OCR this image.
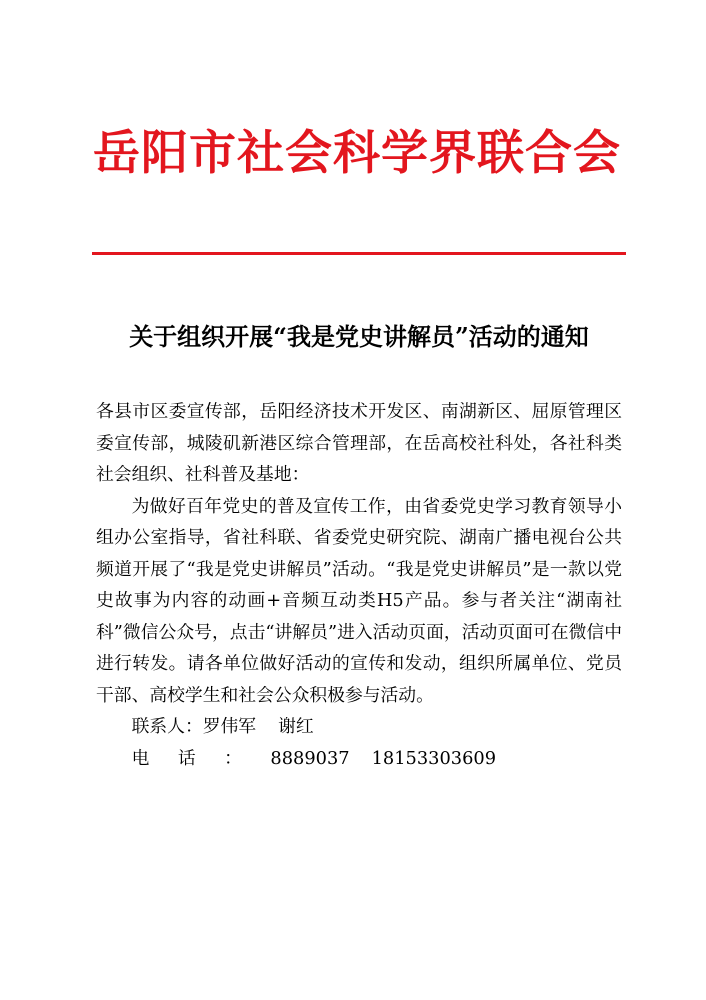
岳阳市社会科学界联合会
关于组织开展“我是党史讲解员”活动的通知

各县市区委宣传部，岳阳经济技术开发区、南湖新区、屈原管理区委宣传部，城陵矶新港区综合管理部，在岳高校社科处，各社科类社会组织、社科普及基地：

为做好百年党史的普及宣传工作，由省委党史学习教育领导小组办公室指导，省社科联、省委党史研究院、湖南广播电视台公共频道开展了“我是党史讲解员”活动。“我是党史讲解员”是一款以党史故事为内容的动画+音频互动类H5产品。参与者关注“湖南社科”微信公众号，点击“讲解员”进入活动页面，活动页面可在微信中进行转发。请各单位做好活动的宣传和发动，组织所属单位、党员干部、高校学生和社会公众积极参与活动。

联系人：罗伟军 谢红

电话：8889037 18153303609
